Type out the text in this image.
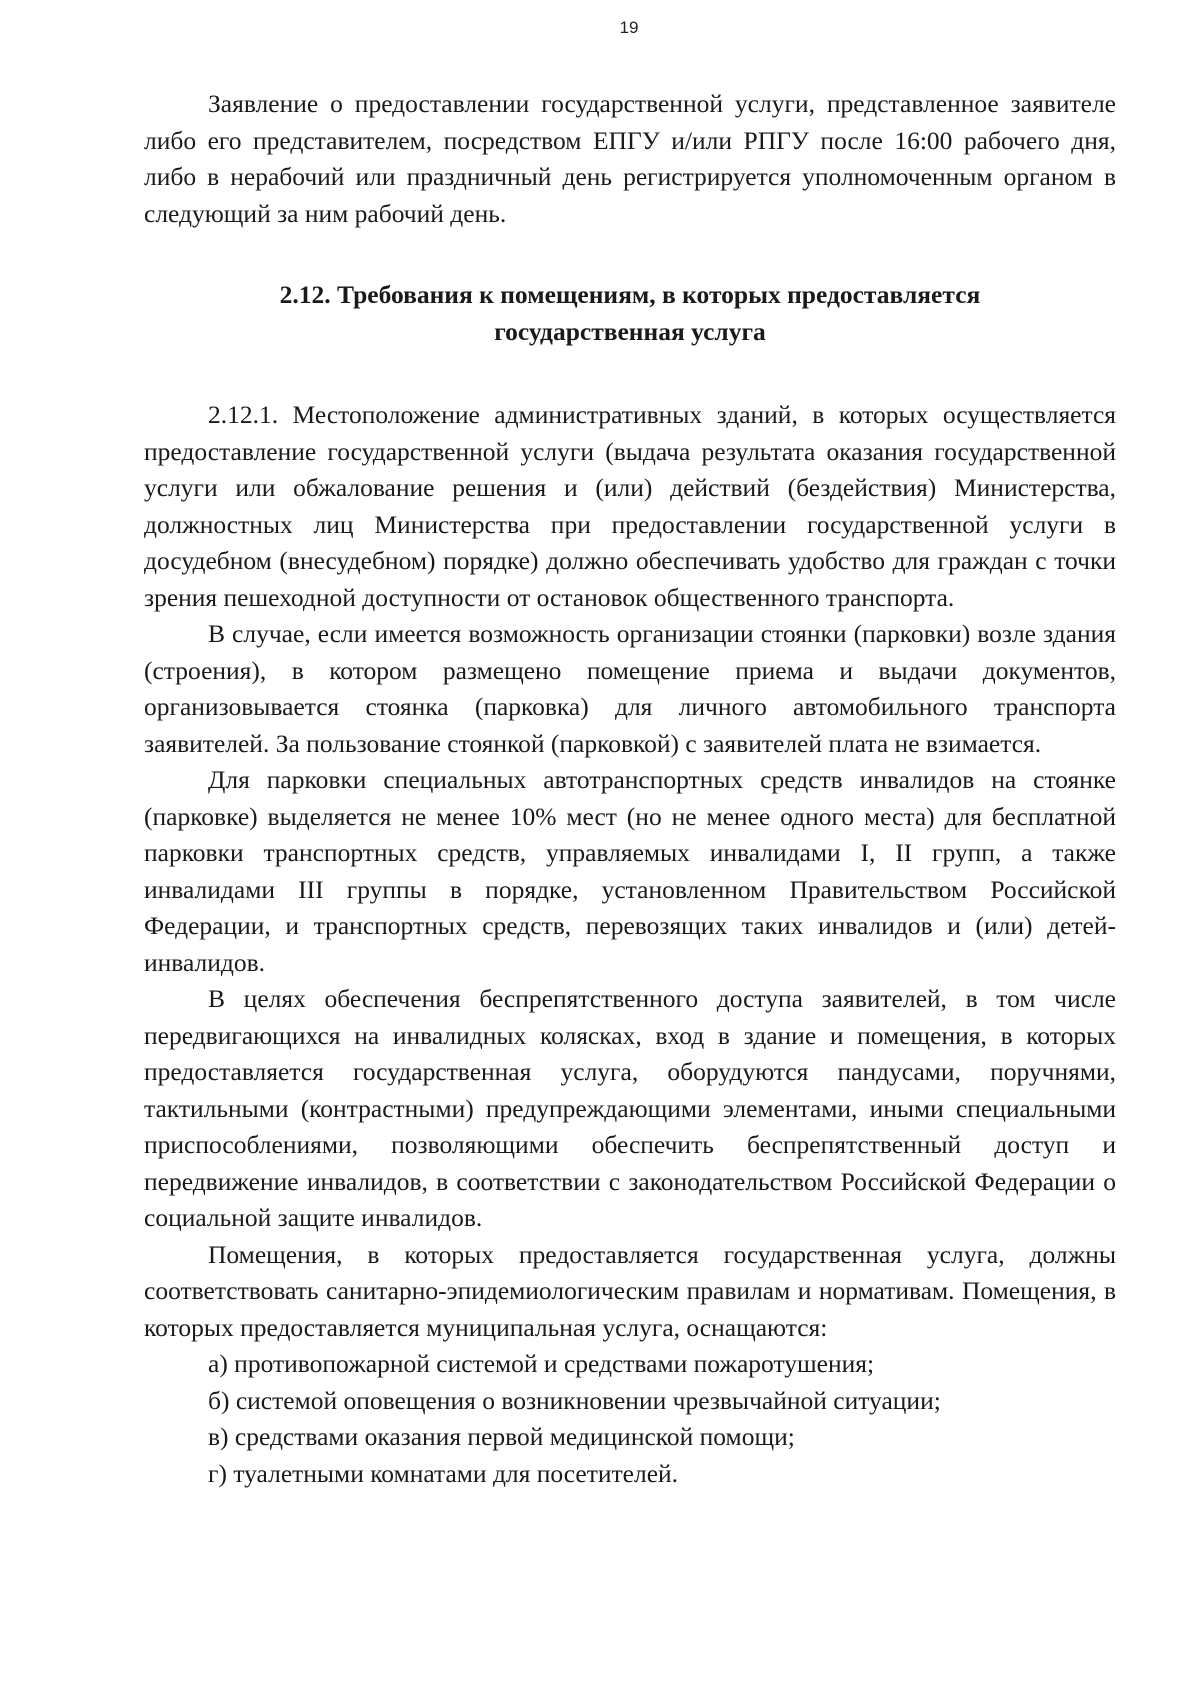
19

Заявление о предоставлении государственной услуги, представленное заявителе либо его представителем, посредством ЕПГУ и/или РПГУ после 16:00 рабочего дня, либо в нерабочий или праздничный день регистрируется уполномоченным органом в следующий за ним рабочий день.

2.12. Требования к помещениям, в которых предоставляется
государственная услуга

2.12.1. Местоположение административных зданий, в которых осуществляется предоставление государственной услуги (выдача результата оказания государственной услуги или обжалование решения и (или) действий (бездействия) Министерства, должностных лиц Министерства при предоставлении государственной услуги в досудебном (внесудебном) порядке) должно обеспечивать удобство для граждан с точки зрения пешеходной доступности от остановок общественного транспорта.

В случае, если имеется возможность организации стоянки (парковки) возле здания (строения), в котором размещено помещение приема и выдачи документов, организовывается стоянка (парковка) для личного автомобильного транспорта заявителей. За пользование стоянкой (парковкой) с заявителей плата не взимается.

Для парковки специальных автотранспортных средств инвалидов на стоянке (парковке) выделяется не менее 10% мест (но не менее одного места) для бесплатной парковки транспортных средств, управляемых инвалидами I, II групп, а также инвалидами III группы в порядке, установленном Правительством Российской Федерации, и транспортных средств, перевозящих таких инвалидов и (или) детей-инвалидов.

В целях обеспечения беспрепятственного доступа заявителей, в том числе передвигающихся на инвалидных колясках, вход в здание и помещения, в которых предоставляется государственная услуга, оборудуются пандусами, поручнями, тактильными (контрастными) предупреждающими элементами, иными специальными приспособлениями, позволяющими обеспечить беспрепятственный доступ и передвижение инвалидов, в соответствии с законодательством Российской Федерации о социальной защите инвалидов.

Помещения, в которых предоставляется государственная услуга, должны соответствовать санитарно-эпидемиологическим правилам и нормативам. Помещения, в которых предоставляется муниципальная услуга, оснащаются:

а) противопожарной системой и средствами пожаротушения;

б) системой оповещения о возникновении чрезвычайной ситуации;

в) средствами оказания первой медицинской помощи;

г) туалетными комнатами для посетителей.
